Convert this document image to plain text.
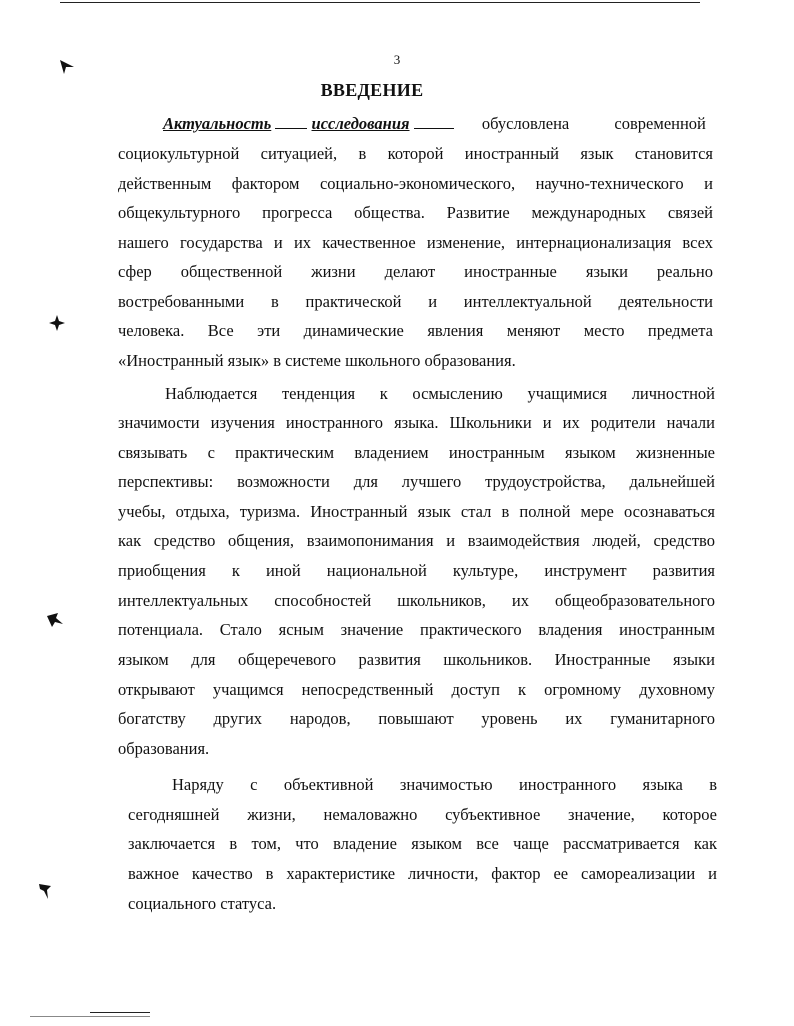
3
ВВЕДЕНИЕ
Актуальность исследования	обусловлена современной
социокультурной ситуацией, в которой иностранный язык становится
действенным фактором социально-экономического, научно-технического и
общекультурного прогресса общества. Развитие международных связей
нашего государства и их качественное изменение, интернационализация всех
сфер общественной жизни делают иностранные языки реально
востребованными в практической и интеллектуальной деятельности
человека. Все эти динамические явления меняют место предмета
«Иностранный язык» в системе школьного образования.
Наблюдается тенденция к осмыслению учащимися личностной
значимости изучения иностранного языка. Школьники и их родители начали
связывать с практическим владением иностранным языком жизненные
перспективы: возможности для лучшего трудоустройства, дальнейшей
учебы, отдыха, туризма. Иностранный язык стал в полной мере осознаваться
как средство общения, взаимопонимания и взаимодействия людей, средство
приобщения к иной национальной культуре, инструмент развития
интеллектуальных способностей школьников, их общеобразовательного
потенциала. Стало ясным значение практического владения иностранным
языком для общеречевого развития школьников. Иностранные языки
открывают учащимся непосредственный доступ к огромному духовному
богатству других народов, повышают уровень их гуманитарного
образования.
Наряду с объективной значимостью иностранного языка в
сегодняшней жизни, немаловажно субъективное значение, которое
заключается в том, что владение языком все чаще рассматривается как
важное качество в характеристике личности, фактор ее самореализации и
социального статуса.
